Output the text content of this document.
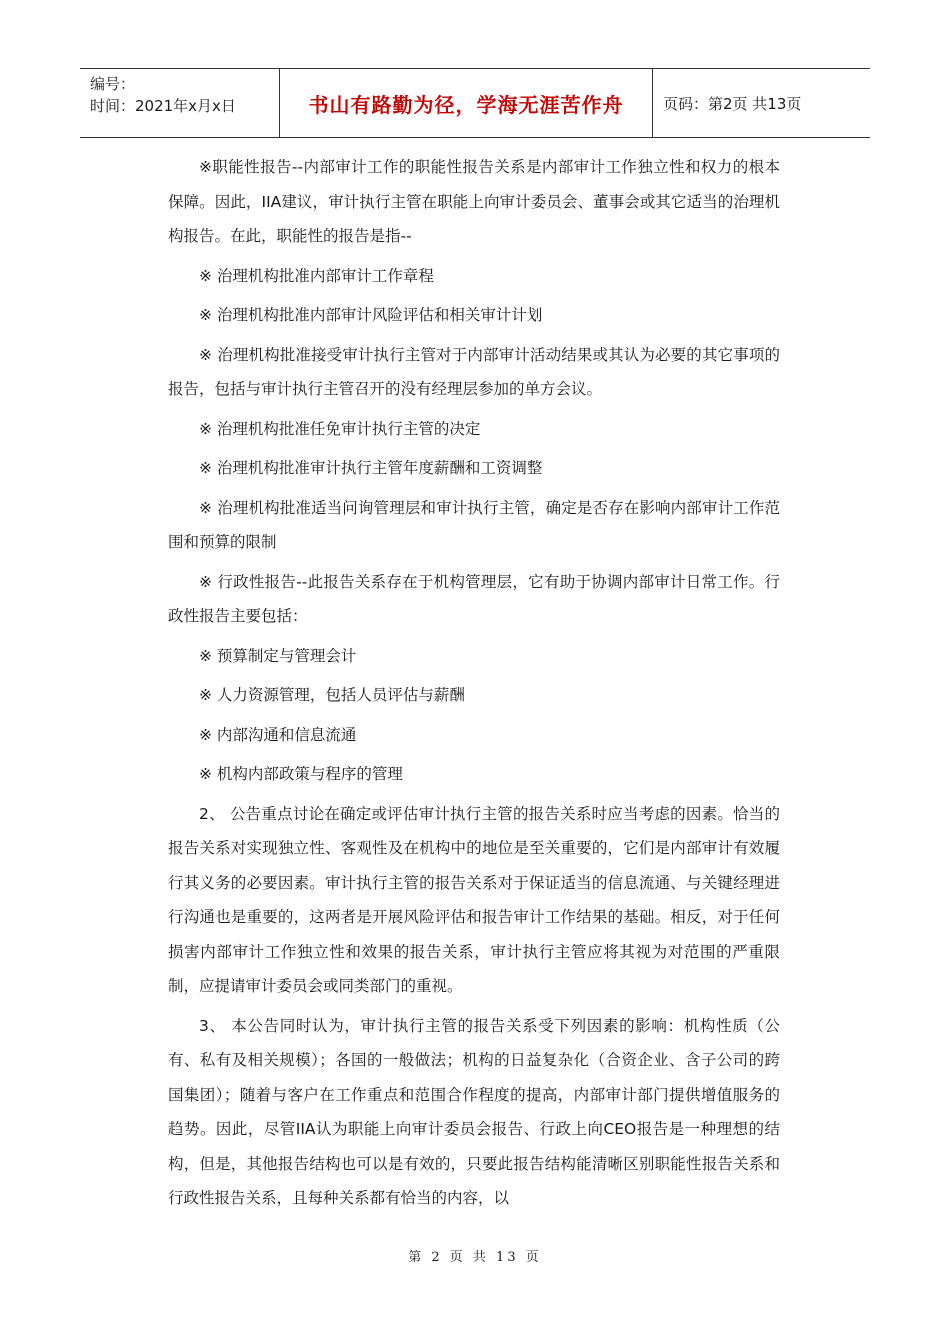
编号：
时间：2021年x月x日	书山有路勤为径，学海无涯苦作舟	页码：第2页 共13页

※职能性报告--内部审计工作的职能性报告关系是内部审计工作独立性和权力的根本保障。因此，IIA建议，审计执行主管在职能上向审计委员会、董事会或其它适当的治理机构报告。在此，职能性的报告是指--

※ 治理机构批准内部审计工作章程

※ 治理机构批准内部审计风险评估和相关审计计划

※ 治理机构批准接受审计执行主管对于内部审计活动结果或其认为必要的其它事项的报告，包括与审计执行主管召开的没有经理层参加的单方会议。

※ 治理机构批准任免审计执行主管的决定

※ 治理机构批准审计执行主管年度薪酬和工资调整

※ 治理机构批准适当问询管理层和审计执行主管，确定是否存在影响内部审计工作范围和预算的限制

※ 行政性报告--此报告关系存在于机构管理层，它有助于协调内部审计日常工作。行政性报告主要包括：

※ 预算制定与管理会计

※ 人力资源管理，包括人员评估与薪酬

※ 内部沟通和信息流通

※ 机构内部政策与程序的管理

2、 公告重点讨论在确定或评估审计执行主管的报告关系时应当考虑的因素。恰当的报告关系对实现独立性、客观性及在机构中的地位是至关重要的，它们是内部审计有效履行其义务的必要因素。审计执行主管的报告关系对于保证适当的信息流通、与关键经理进行沟通也是重要的，这两者是开展风险评估和报告审计工作结果的基础。相反，对于任何损害内部审计工作独立性和效果的报告关系，审计执行主管应将其视为对范围的严重限制，应提请审计委员会或同类部门的重视。

3、 本公告同时认为，审计执行主管的报告关系受下列因素的影响：机构性质（公有、私有及相关规模）；各国的一般做法；机构的日益复杂化（合资企业、含子公司的跨国集团）；随着与客户在工作重点和范围合作程度的提高，内部审计部门提供增值服务的趋势。因此，尽管IIA认为职能上向审计委员会报告、行政上向CEO报告是一种理想的结构，但是，其他报告结构也可以是有效的，只要此报告结构能清晰区别职能性报告关系和行政性报告关系，且每种关系都有恰当的内容，以

第 2 页 共 13 页
